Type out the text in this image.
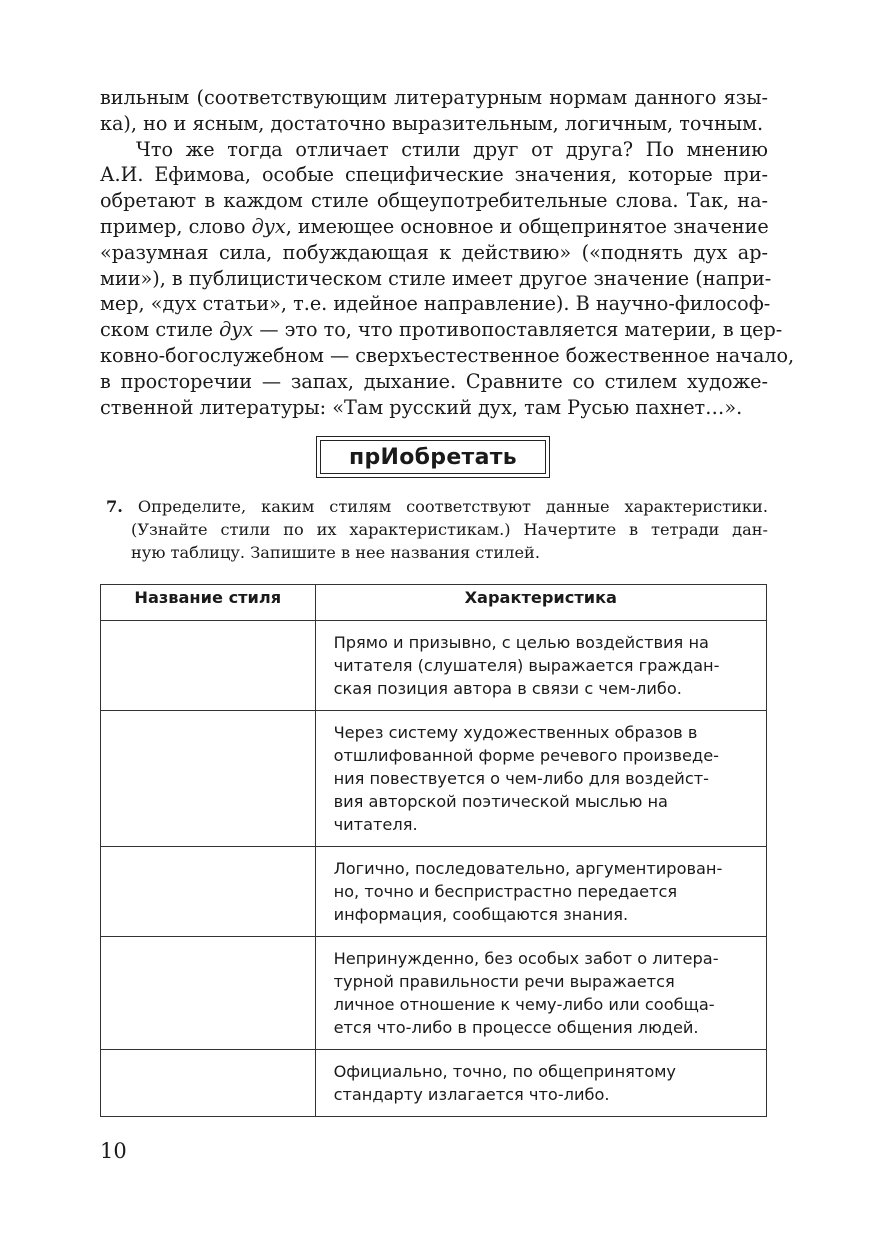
вильным (соответствующим литературным нормам данного язы-
ка), но и ясным, достаточно выразительным, логичным, точным.
Что же тогда отличает стили друг от друга? По мнению
А.И. Ефимова, особые специфические значения, которые при-
обретают в каждом стиле общеупотребительные слова. Так, на-
пример, слово дух, имеющее основное и общепринятое значение
«разумная сила, побуждающая к действию» («поднять дух ар-
мии»), в публицистическом стиле имеет другое значение (напри-
мер, «дух статьи», т.е. идейное направление). В научно-философ-
ском стиле дух — это то, что противопоставляется материи, в цер-
ковно-богослужебном — сверхъестественное божественное начало,
в просторечии — запах, дыхание. Сравните со стилем художе-
ственной литературы: «Там русский дух, там Русью пахнет…».
прИобретать
7. Определите, каким стилям соответствуют данные характеристики.
(Узнайте стили по их характеристикам.) Начертите в тетради дан-
ную таблицу. Запишите в нее названия стилей.
Название стиля	Характеристика

	Прямо и призывно, с целью воздействия на
читателя (слушателя) выражается граждан-
ская позиция автора в связи с чем-либо.

	Через систему художественных образов в
отшлифованной форме речевого произведе-
ния повествуется о чем-либо для воздейст-
вия авторской поэтической мыслью на
читателя.

	Логично, последовательно, аргументирован-
но, точно и беспристрастно передается
информация, сообщаются знания.

	Непринужденно, без особых забот о литера-
турной правильности речи выражается
личное отношение к чему-либо или сообща-
ется что-либо в процессе общения людей.

	Официально, точно, по общепринятому
стандарту излагается что-либо.
10
